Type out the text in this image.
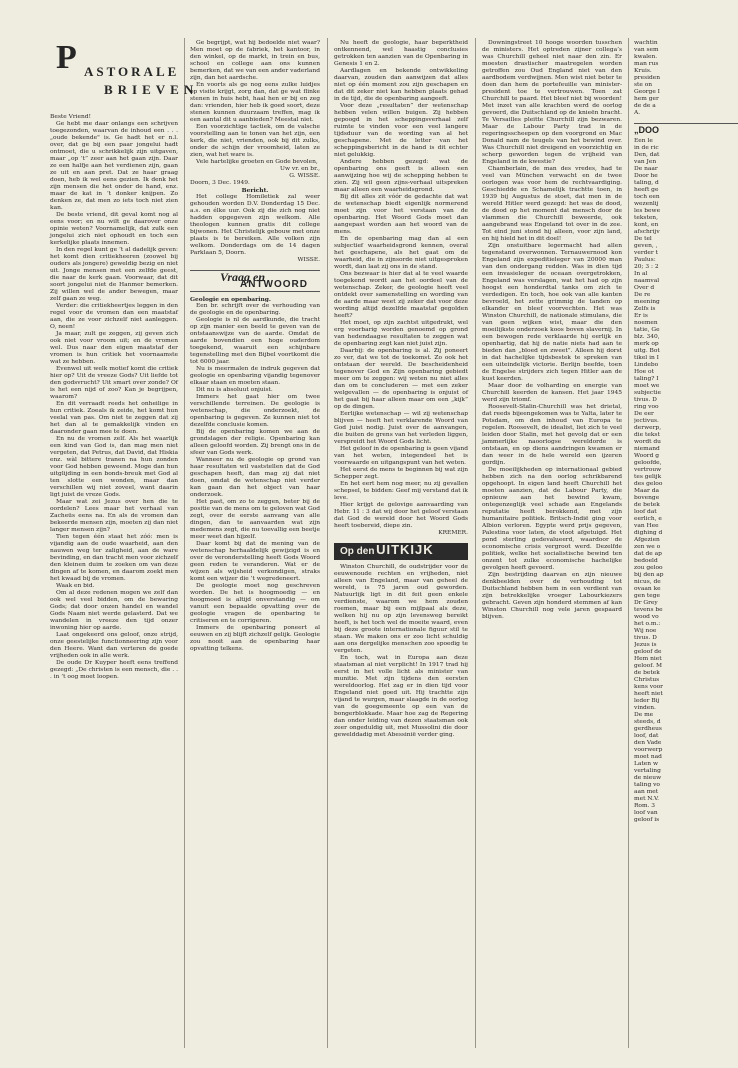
P ASTORALE
BRIEVEN

Beste Vriend!

Ge hebt me daar onlangs een schrijven toegezonden, waarvan de inhoud een . . . „oude bekende" is. Ge hadt het er n.l. over, dat ge bij een paar jongelui hadt ontmoet, die u schrikkelijk zijn uitgaven, maar „op ’t” zeer aan het gaan zijn. Daar ze een halfje aan het verdienen zijn, gaan ze uit en aan pret. Dat ze haar graag doen, heb ik wel eens gezien. Ik denk het zijn mensen die het onder de hand, enz. maar de kat in ’t donker knijpen. Zo denken ze, dat men zo iets toch niet zien kan.

De beste vriend, dit geval komt nog al eens voor; en nu wilt ge daarover onze opinie weten? Voornamelijk, dat zulk een jongelui zich niet ophoudt en toch een kerkelijke plaats innemen.

In den regel kunt ge ’t al dadelijk geven: het komt dien critiekheeren (zoowel bij ouders als jongere) geweldig bezig en niet uit. Jonge mensen met een zelfde geest, die naar de kerk gaan. Voorwaar, dat dit soort jongelui niet de Hanmer bemerken. Zij willen wel de ander bewegen, maar zelf gaan ze weg.

Verder: die critiekheertjes leggen in den regel voor de vromen dan een maatstaf aan, die ze voor zichzelf niet aanleggen. O, neen!

Ja maar, zult ge zeggen, zij geven zich ook niet voor vroom uit; en de vromen wel. Dus naar den eigen maatstaf der vromen is hun critiek het voornaamste wat ze hebben.

Evenwel uit welk motief komt die critiek hier op? Uit de vreeze Gods? Uit liefde tot den godsvrucht? Uit smart over zonde? Of is het een nijd of zoo? Kan je begrijpen, waarom?

En dit verraadt reeds het onheilige in hun critiek. Zoeals ik zeide, het komt hun veelal van pas. Om niet te zeggen dat zij het dan al te gemakkelijk vinden en daaronder gaan mee te doen.

En nu de vromen zelf. Als het waarlijk een kind van God is, dan mag men niet vergeten, dat Petrus, dat David, dat Hiskia enz. wàl bittere tranen na hun zonden voor God hebben geweend. Moge dan hun uitglijding in een bonds-breuk met God al ten slotte een wonden, maar dan verschillen wij niet zoveel, want daarin ligt juist de vreze Gods.

Maar wat zei Jezus over hen die te oordelen? Lees maar het verhaal van Zacheüs eens na. En als de vromen dan bekeerde mensen zijn, moeten zij dan niet langer mensen zijn?

Tien tegen één staat het zóó: men is vijandig aan de oude waarheid, aan den nauwen weg ter zaligheid, aan de ware bevinding, en dan tracht men voor zichzelf den kleinen duim te zoeken om van deze dingen af te komen, en daarom zoekt men het kwaad bij de vromen.

Waak en bid.

Om al deze redenen mogen we zelf dan ook wel veel bidden, om de bewaring Gods; dat door onzen handel en wandel Gods Naam niet werde gelasterd. Dat we wandelen in vreeze den tijd onzer inwoning hier op aarde.

Laat ongekeerd ons geloof, onze strijd, onze geestelijke functionneering zijn voor den Heere. Want dan verteren de goede vrijheden ook in alle werk.

De oude Dr Kuyper heeft eens treffend gezegd: „De christen is een mensch, die . . . in ’t oog moet loopen.

Ge begrijpt, wat hij bedoelde niet waar? Men moet op de fabriek, het kantoor, in den winkel, op de markt, in trein en bus, school en college aan ons kunnen bemerken, dat we van een ander vaderland zijn, dan het aardsche.

En voorts als ge nog eens zulke luidjes op visite krijgt, zorg dan, dat ge wat flinke stenen in huis hebt, haal hen er bij en zeg dan: vrienden, hier heb ik goed soort, deze stenen kunnen duurzaam treffen, mag ik een aantal dit u aanbieden? Meestal niet.

Een voorzichtige tactiek, om de valsche voorstelling aan te tonen van het zijn, een kerk, die niet, vrienden, ook bij dit zulks, onder de schijn der vroomheid, laten ze zien, wat het ware is.

Vele hartelijke groeten en Gode bevolen,

Uw vr. en br.,

G. WISSE.

Doorn, 3 Dec. 1949.

Bericht.

Het college Homiletiek zal weer gehouden worden D.V. Donderdag 15 Dec. a.s. en élke uur. Ook zij die zich nog niet hadden opgegeven zijn welkom. Alle theologen kunnen gratis dit college bijwonen. Het Christelijk gebouw met onze plaats is te bereiken. Alle volken zijn welkom. Donderdags om de 14 dagen Parklaan 5, Doorn.

WISSE.

Vraag en
ANTWOORD

Geologie en openbaring.

Een br. schrijft over de verhouding van de geologie en de openbaring.

Geologie is nl de aardkunde, die tracht op zijn manier een beeld te geven van de ontstaanswijze van de aarde. Omdat de aarde bovendien een hoge ouderdom toegekend, waaruit een schijnbare tegenstelling met den Bijbel voortkomt die tot 6000 jaar.

Nu is meermalen de indruk gegeven dat geologie en openbaring vijandig tegenover elkaar staan en moeten staan.

Dit nu is absoluut onjuist.

Immers het gaat hier om twee verschillende terreinen. De geologie is wetenschap, die onderzoekt, de openbaring is gegeven. Ze kunnen niet tot dezelfde conclusie komen.

Bij de openbaring komen we aan de grondslagen der religie. Openbaring kan alleen geloofd worden. Zij brengt ons in de sfeer van Gods werk.

Wanneer nu de geologie op grond van haar resultaten wil vaststellen dat de God geschapen heeft, dan mag zij dat niet doen, omdat de wetenschap niet verder kan gaan dan het object van haar onderzoek.

Het past, om zo te zeggen, beter bij de positie van de mens om te geloven wat God zegt, over de eerste aanvang van alle dingen, dan te aanvaarden wat zijn medemens zegt, die nu toevallig een beetje meer weet dan hijzelf.

Daar komt bij dat de mening van de wetenschap herhaaldelijk gewijzigd is en over de veronderstelling heeft Gods Woord geen reden te veranderen. Wat er de wijzen als wijsheid verkondigen, straks komt een wijzer die ’t wegredeneert.

De geologie moet nog geschreven worden. De het is hoogmoedig — en hoogmoed is altijd onverstandig — om vanuit een bepaalde opvatting over de geologie vragen de openbaring te critiseren en te corrigeren.

Immers de openbaring poneert al eeuwen en zij blijft zichzelf gelijk. Geologie zou nooit aan de openbaring haar opvatting telkens.

Nu heeft de geologie, haar beperktheid ontkennend, wel haastig conclusies getrokken ten aanzien van de Openbaring in Genesis 1 en 2.

Aardlagen en bekende ontwikkeling daarvan, zouden dan aanwijzen dat alles niet op één moment zou zijn geschapen en dat dit zeker niet kan hebben plaats gehad in de tijd, die de openbaring aangeeft.

Voor deze „resultaten” der wetenschap hebben velen willen buigen. Zij hebben gepoogd in het scheppingsverhaal zelf ruimte te vinden voor een veel langere tijdsduur van de wording van al het geschapene. Met de letter van het scheppingsbericht in de hand is dit echter niet gelukkig.

Andere hebben gezegd: wat de openbaring ons geeft is alleen een aanwijzing hoe wij de schepping hebben te zien. Zij wil geen zijns-verhaal uitspreken maar alleen een waarheidsgrond.

Bij dit alles zit vóór de gedachte dat wat de wetenschap biedt eigenlijk normerend moet zijn voor het verstaan van de openbaring. Het Woord Gods moet dan aangepast worden aan het woord van de mens.

En de openbaring mag dan al een subjectief waarheidsgrond kennen, overal het geschapene, als het gaat om de waarheid, die in zijnsorde niet uitgesproken wordt, dan laat zij ons in de stand.

Ons bezwaar is hier dat al te veel waarde toegekend wordt aan het oordeel van de wetenschap. Zeker, de geologie heeft veel ontdekt over samenstelling en wording van de aarde maar weet zij zeker dat voor deze wording altijd dezelfde maatstaf gegolden heeft?

Het moet, op zijn zachtst uitgedrukt, wel erg voorbarig worden genoemd op grond van hedendaagse resultaten te zeggen wat de openbaring zegt kan niet juist zijn.

Daarbij: de openbaring is al. Zij poneert zo ver, dat we tot de toekomst. Zo ook het ontstaan der wereld. De bescheidenheid tegenover God en Zijn openbaring gebiedt meer om te zeggen: wij weten nu niet alles dan om te concluderen — met een zeker welgevallen — de openbaring is onjuist of het gaat bij haar alleen maar om een „kijk” op de dingen.

Eerlijke wetenschap — wil zij wetenschap blijven — heeft het verklarende Woord van God juist nodig. Juist over de aanvangen, die buiten de grens van het verleden liggen, verspreidt het Woord Gods licht.

Het geloof in de openbaring is geen vijand van het weten, integendeel het is voorwaarde en uitgangspunt van het weten.

Het eerst de mens te beginnen bij wat zijn Schepper zegt.

En het eert hem nog meer, nu zij gevallen schepsel, te bidden: Geef mij verstand dat ik leve.

Hier krijgt de gelovige aanvaarding van Hebr. 11 : 3 dat wij door het geloof verstaan dat God de wereld door het Woord Gods heeft toebereid, diepe zin.

KREMER.

Op den UITKIJK

Winston Churchill, de oudstrijder voor de eeuwenoude rechten en vrijheden, niet alleen van Engeland, maar van geheel de wereld, is 75 jaren oud geworden. Natuurlijk ligt in dit feit geen enkele verdienste, waarom we hem zouden roemen, maar bij een mijlpaal als deze, welken hij nu op zijn levensweg bereikt heeft, is het toch wel de moeite waard, even bij deze groote internationale figuur stil te staan. We maken ons er zoo licht schuldig aan ons dergelijke menschen zoo spoedig te vergeten.

En toch, wat in Europa aan deze staatsman al niet verplicht! In 1917 trad hij eerst in het volle licht als minister van munitie. Met zijn tijdens den eersten wereldoorlog. Het zag er in dien tijd voor Engeland niet goed uit. Hij trachtte zijn vijand te wurgen, maar slaagde in de oorlog van de goegemeente op een van de bongerblokkade. Maar hoe zag de Regering dan onder leiding van dezen staatsman ook zeer ongeduldig uit, met Mussolini die door gewelddadig met Abessinië verder ging.

Downingstreet 10 hooge woorden tusschen de ministers. Het optreden zijner collega’s was Churchill geheel niet naar den zin. Er moesten drastischer maatregelen worden getroffen zou Oud England niet van den aardbodem verdwijnen. Men wist niet beter te doen dan hem de portefeuille van minister-president toe te vertrouwen. Toen zat Churchill te paard. Het bleef niet bij woorden! Met inzet van alle krachten werd de oorlog gevoerd, die Duitschland op de knieën bracht. Te Versailles pleitte Churchill zijn bezwaren. Maar de Labour Party trad in de regeringsscheepen op den voorgrond en Mac Donald nam de teugels van het bewind over. Was Churchill niet dreigend en voorzichtig en scherp geworden tegen de vrijheid van Engeland in de kwestie?

Chamberlain, de man des vredes, had te veel van München verwacht en de twee oorlogen was voor hem de rechtvaardiging. Geschiedde en Schamelijk trachtte toen, in 1939 bij Augustus de stoet, dat men in de wereld Hitler werd gezegd: het was de dood, de dood op het moment dat mensch door de vlammen die Churchill beweerde, ook aangebrand was Engeland tot over in de zee. Tot eind juni stond hij alleen, voor zijn land, en hij hield het in dit doel!

Zijn onstuitbare legermacht had allen tegenstand overwonnen. Ternauwernood kon Engeland zijn expeditieleger van 20000 man van den ondergang redden. Was in dien tijd een invasieleger de oceaan overgetrokken, Engeland was verslagen, wat het had op zijn hoogst een honderdtal tanks om zich te verdedigen. En toch, hoe ook van alle kanten bevroeld, het zette grimmig de tanden op elkander en bleef voorvechten. Het was Winston Churchill, de nationale stimulans, die van geen wijken wist, maar die den moeilijkste onderzoek koos boven slavernij. In een bewogen rede verklaarde hij eerlijk en openhartig, dat hij de natie niets had aan te bieden dan „bloed en zweet”. Alleen hij dorst in dat hachelijke tijdsbestek te spreken van een uiteindelijk victorie. Berlijn beefde, toen de Engelse strijders zich tegen Hitler aan de kust keerden.

Maar door de volharding en energie van Churchill keerden de kansen. Het jaar 1945 werd zijn triomf.

Roosevelt-Stalin-Churchill was het drietal, dat reeds bijeengekomen was te Yalta, later te Potsdam, om den inhoud van Europa te regelen. Roosevelt, de idealist, liet zich te veel leiden door Stalin, met het gevolg dat er een jammerlijke naoorlogse wereldorde is ontstaan, en op diens aandringen kwamen er dan weer in de hele wereld een ijzeren gordijn.

De moeilijkheden op internationaal gebied hebben zich na den oorlog schrikbarend opgehoopt. In eigen land heeft Churchill het moeten aanzien, dat de Labour Party, die opnieuw aan het bewind kwam, ontegenzeglijk veel schade aan Engelands reputatie heeft berokkend, met zijn humanitaire politiek. Britsch-Indië ging voor Albion verloren. Egypte werd prijs gegeven, Palestina voor laten, de vloot afgetuigd. Het pond sterling gedevalueerd, waardoor de economische crisis vergroot werd. Dezelfde politiek, welke het socialistische bewind ten onzent tot zulke economische hachelijke gevolgen heeft gevoerd.

Zijn bestrijding daarvan en zijn nieuwe denkbeelden over de verhouding tot Duitschland hebben hem in een verdient van zijn betrekkelijke vroeger Labourkiezers gebracht. Geven zijn honderd stemmen af kan Winston Churchill nog vele jaren gespaard blijven.

wachtin

van sem

kwalen.

man rus

Kruis.

presiden

ste on

George I

hem ger

de de a

A.

„DOO

Een le

in de ric

Den, dat

van Jen

De naar

Door he

taling, d

heeft ge

toch een

wezenlij

les bewe

teksten,

kont, en

afschrijv

De tel

geven, ,

verder t

Paulus:

20; 3 : 2

In al

naamval

Over d

De re

meening

Zelfs is

Er is

noemen

tatie, Ge

blz. 340,

merk op

uitg. Bot

tikel in I

Lindebo

Hoe ot

taling? I

moet we

subjectie

tivus. D

ring voo

De eer

jectivus.

derwerp,

die tekst

wordt du

niemand

Woord g

geloofde,

vertrouw

tes gelijk

des geloo

Maar da

bovenge

de betek

loof dat

eerlich, e

van Hee

dighing d

Afgezien

zen we o

dat de ap

bedoeld

zou geloo

bij den ap

nicus, de

ovaan ke

gen tege

Dr Grey

tevens be

wood vo

het o.m.:

Wij noe

tivus. D

Jezus is

geloof de

Hem niet

geloof. M

de betek

Christus

kens voor

heeft niet

leder Bij

vinden.

De me

steeds, d

gerdheus

loof, dat

den Vade

voorwerp

moet nad

Laten w

vertaling

de nieuw

taling vo

aan met

met N.V.

Rom. 3

loof van

geloof is
